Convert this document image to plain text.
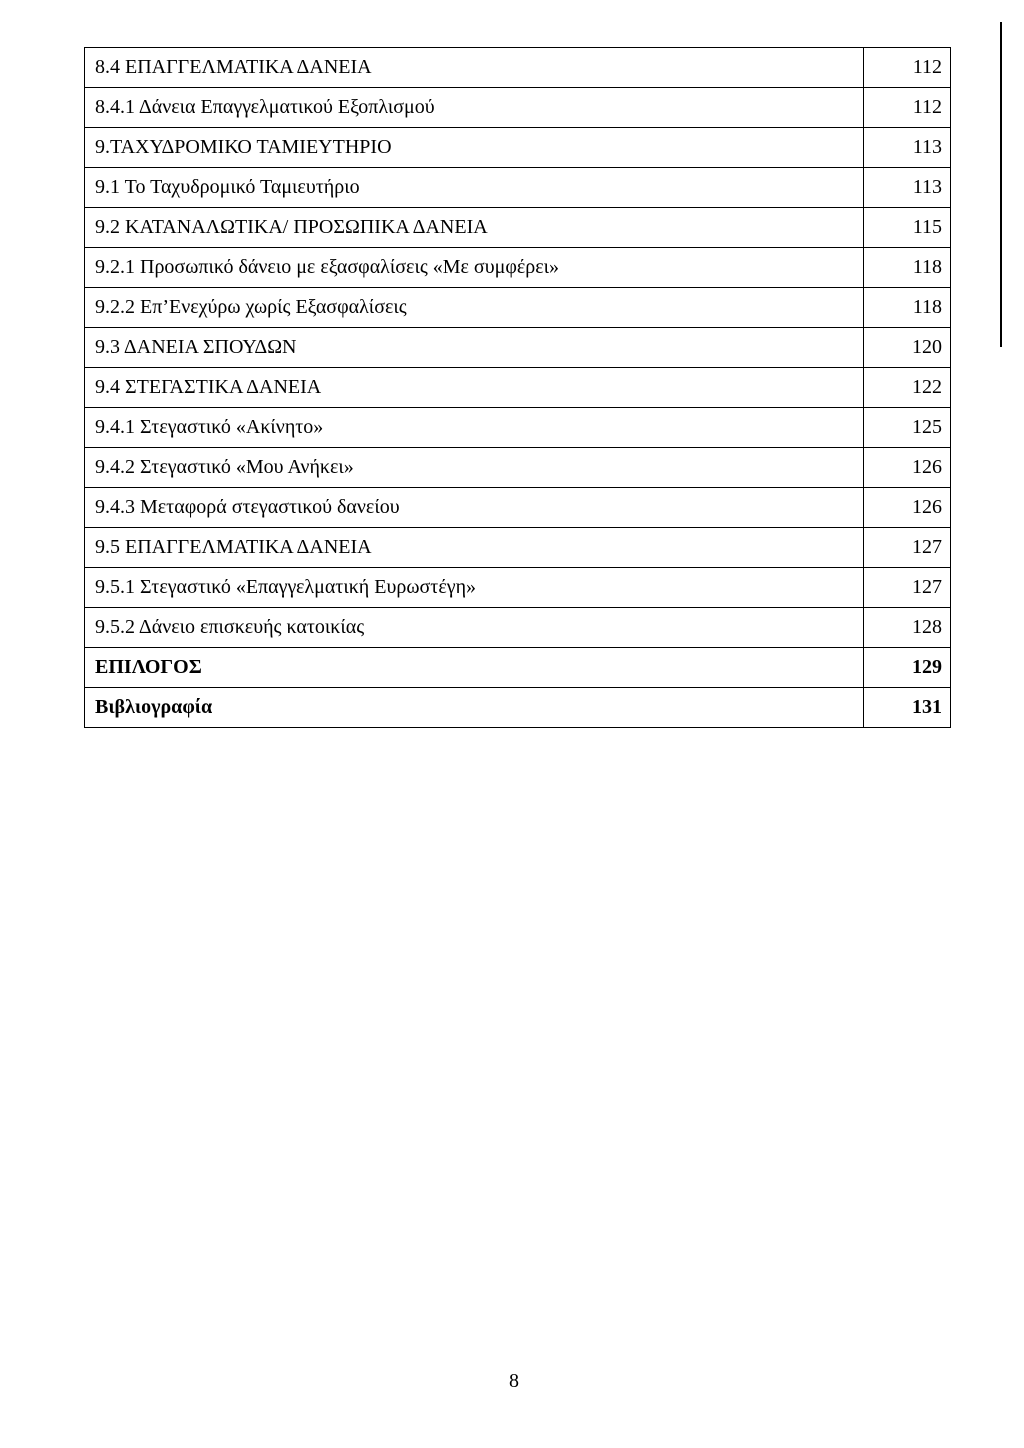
8.4 ΕΠΑΓΓΕΛΜΑΤΙΚΑ ΔΑΝΕΙΑ	112
8.4.1 Δάνεια Επαγγελματικού Εξοπλισμού	112
9.ΤΑΧΥΔΡΟΜΙΚΟ ΤΑΜΙΕΥΤΗΡΙΟ	113
9.1 Το Ταχυδρομικό Ταμιευτήριο	113
9.2 ΚΑΤΑΝΑΛΩΤΙΚΑ/ ΠΡΟΣΩΠΙΚΑ ΔΑΝΕΙΑ	115
9.2.1 Προσωπικό δάνειο με εξασφαλίσεις «Με συμφέρει»	118
9.2.2 Επ’Ενεχύρω χωρίς Εξασφαλίσεις	118
9.3 ΔΑΝΕΙΑ ΣΠΟΥΔΩΝ	120
9.4 ΣΤΕΓΑΣΤΙΚΑ ΔΑΝΕΙΑ	122
9.4.1 Στεγαστικό «Ακίνητο»	125
9.4.2 Στεγαστικό «Μου Ανήκει»	126
9.4.3 Μεταφορά στεγαστικού δανείου	126
9.5 ΕΠΑΓΓΕΛΜΑΤΙΚΑ ΔΑΝΕΙΑ	127
9.5.1 Στεγαστικό «Επαγγελματική Ευρωστέγη»	127
9.5.2 Δάνειο επισκευής κατοικίας	128
ΕΠΙΛΟΓΟΣ	129
Βιβλιογραφία	131
8
